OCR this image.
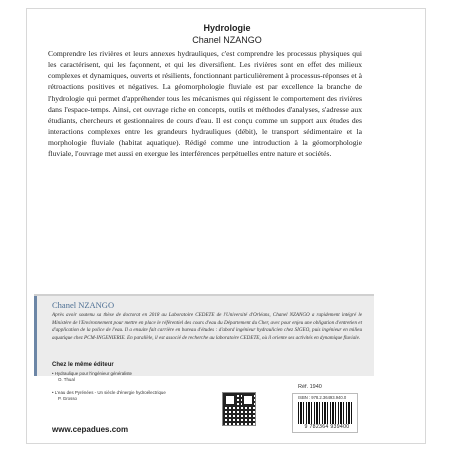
Hydrologie
Chanel NZANGO

Comprendre les rivières et leurs annexes hydrauliques, c'est comprendre les processus physiques qui les caractérisent, qui les façonnent, et qui les diversifient. Les rivières sont en effet des milieux complexes et dynamiques, ouverts et résilients, fonctionnant particulièrement à processus-réponses et à rétroactions positives et négatives. La géomorphologie fluviale est par excellence la branche de l'hydrologie qui permet d'appréhender tous les mécanismes qui régissent le comportement des rivières dans l'espace-temps. Ainsi, cet ouvrage riche en concepts, outils et méthodes d'analyses, s'adresse aux étudiants, chercheurs et gestionnaires de cours d'eau. Il est conçu comme un support aux études des interactions complexes entre les grandeurs hydrauliques (débit), le transport sédimentaire et la morphologie fluviale (habitat aquatique). Rédigé comme une introduction à la géomorphologie fluviale, l'ouvrage met aussi en exergue les interférences perpétuelles entre nature et sociétés.

Chanel NZANGO

Après avoir soutenu sa thèse de doctorat en 2018 au Laboratoire CEDETE de l'Université d'Orléans, Chanel NZANGO a rapidement intégré le Ministère de l'Environnement pour mettre en place le référentiel des cours d'eau du Département du Cher, avec pour enjeu une obligation d'entretien et d'application de la police de l'eau. Il a ensuite fait carrière en bureau d'études : d'abord ingénieur hydraulicien chez SIGEO, puis ingénieur en milieu aquatique chez PCM-INGENIERIE. En parallèle, il est associé de recherche au laboratoire CEDETE, où il oriente ses activités en dynamique fluviale.

Chez le même éditeur
• Hydraulique pour l'ingénieur généraliste
O. Thual
• L'eau des Pyrénées - Un siècle d'énergie hydroélectrique
P. Grosso
www.cepadues.com
Réf. 1940
ISBN : 978.2.36493.940.0
9 782364 939400
